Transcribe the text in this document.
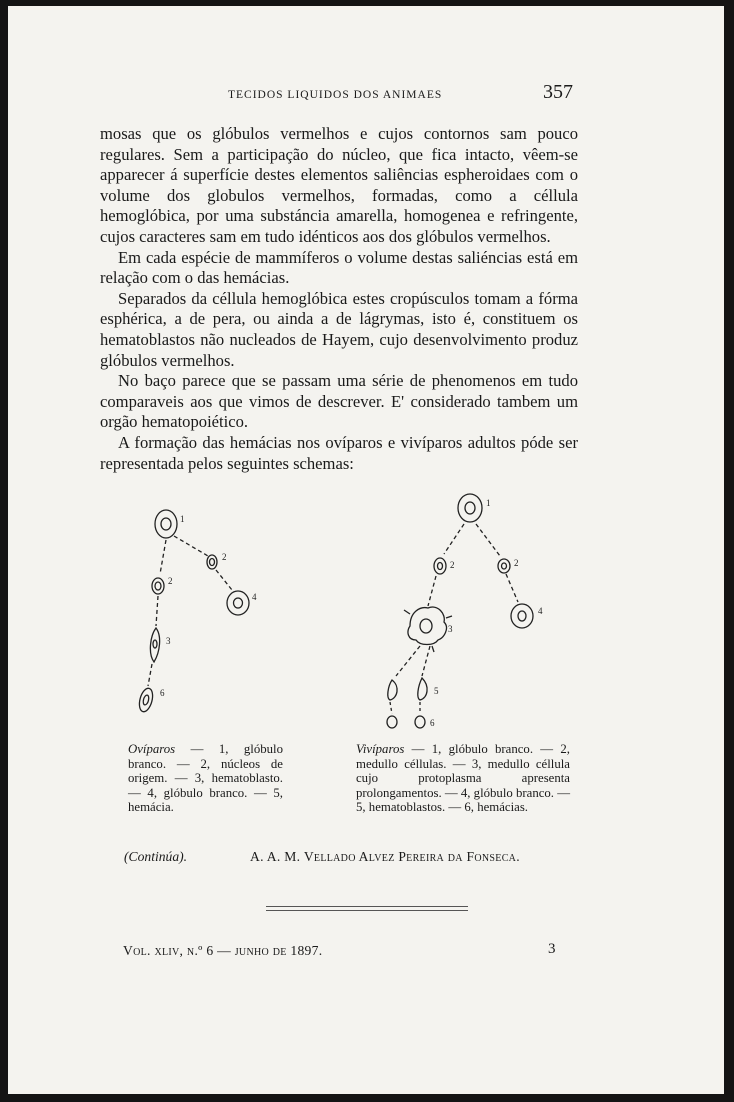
TECIDOS LIQUIDOS DOS ANIMAES	357

mosas que os glóbulos vermelhos e cujos contornos sam pouco regulares. Sem a participação do núcleo, que fica intacto, vêem-se apparecer á superfície destes elementos saliências espheroidaes com o volume dos globulos vermelhos, formadas, como a céllula hemoglóbica, por uma substáncia amarella, homogenea e refringente, cujos caracteres sam em tudo idénticos aos dos glóbulos vermelhos.

Em cada espécie de mammíferos o volume destas saliéncias está em relação com o das hemácias.

Separados da céllula hemoglóbica estes cropúsculos tomam a fórma esphérica, a de pera, ou ainda a de lágrymas, isto é, constituem os hematoblastos não nucleados de Hayem, cujo desenvolvimento produz glóbulos vermelhos.

No baço parece que se passam uma série de phenomenos em tudo comparaveis aos que vimos de descrever. E' considerado tambem um orgão hematopoiético.

A formação das hemácias nos ovíparos e vivíparos adultos póde ser representada pelos seguintes schemas:

1
2
2
4
3
6
1
2	2
3
4
5
6
Ovíparos — 1, glóbulo branco. — 2, núcleos de origem. — 3, hematoblasto. — 4, glóbulo branco. — 5, hemácia.
Vivíparos — 1, glóbulo branco. — 2, medullo céllulas. — 3, medullo céllula cujo protoplasma apresenta prolongamentos. — 4, glóbulo branco. — 5, hematoblastos. — 6, hemácias.
(Continúa).	A. A. M. Vellado Alvez Pereira da Fonseca.
Vol. xliv, n.º 6 — junho de 1897.	3
